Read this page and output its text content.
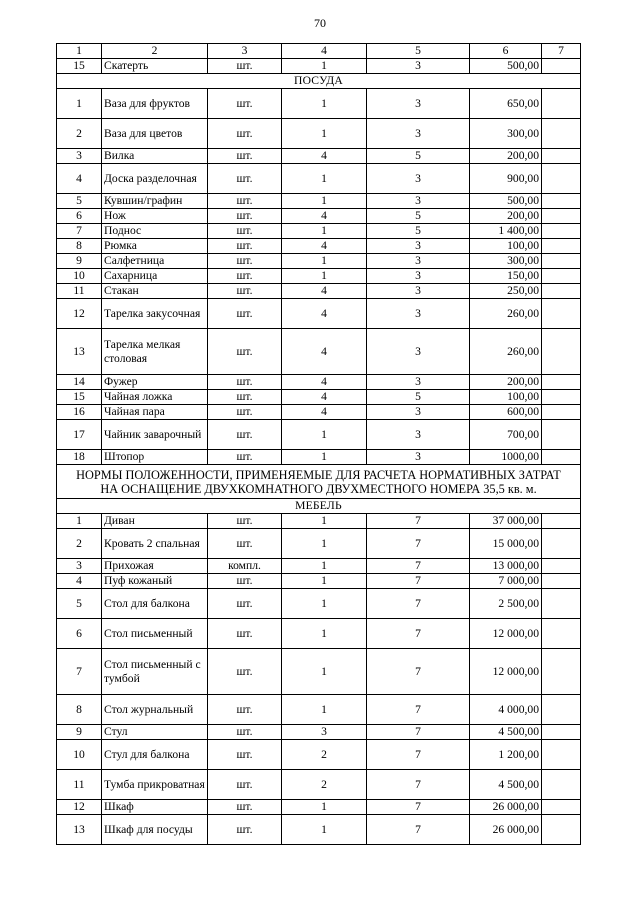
70
1	2	3	4	5	6	7
15	Скатерть	шт.	1	3	500,00	
ПОСУДА						
1	Ваза для фруктов	шт.	1	3	650,00	
2	Ваза для цветов	шт.	1	3	300,00	
3	Вилка	шт.	4	5	200,00	
4	Доска разделочная	шт.	1	3	900,00	
5	Кувшин/графин	шт.	1	3	500,00	
6	Нож	шт.	4	5	200,00	
7	Поднос	шт.	1	5	1 400,00	
8	Рюмка	шт.	4	3	100,00	
9	Салфетница	шт.	1	3	300,00	
10	Сахарница	шт.	1	3	150,00	
11	Стакан	шт.	4	3	250,00	
12	Тарелка закусочная	шт.	4	3	260,00	
13	Тарелка мелкая столовая	шт.	4	3	260,00	
14	Фужер	шт.	4	3	200,00	
15	Чайная ложка	шт.	4	5	100,00	
16	Чайная пара	шт.	4	3	600,00	
17	Чайник заварочный	шт.	1	3	700,00	
18	Штопор	шт.	1	3	1000,00	

НОРМЫ ПОЛОЖЕННОСТИ, ПРИМЕНЯЕМЫЕ ДЛЯ РАСЧЕТА НОРМАТИВНЫХ ЗАТРАТ
НА ОСНАЩЕНИЕ ДВУХКОМНАТНОГО ДВУХМЕСТНОГО НОМЕРА 35,5 кв. м.						

МЕБЕЛЬ						
1	Диван	шт.	1	7	37 000,00	
2	Кровать 2 спальная	шт.	1	7	15 000,00	
3	Прихожая	компл.	1	7	13 000,00	
4	Пуф кожаный	шт.	1	7	7 000,00	
5	Стол для балкона	шт.	1	7	2 500,00	
6	Стол письменный	шт.	1	7	12 000,00	
7	Стол письменный с тумбой	шт.	1	7	12 000,00	
8	Стол журнальный	шт.	1	7	4 000,00	
9	Стул	шт.	3	7	4 500,00	
10	Стул для балкона	шт.	2	7	1 200,00	
11	Тумба прикроватная	шт.	2	7	4 500,00	
12	Шкаф	шт.	1	7	26 000,00	
13	Шкаф для посуды	шт.	1	7	26 000,00	
